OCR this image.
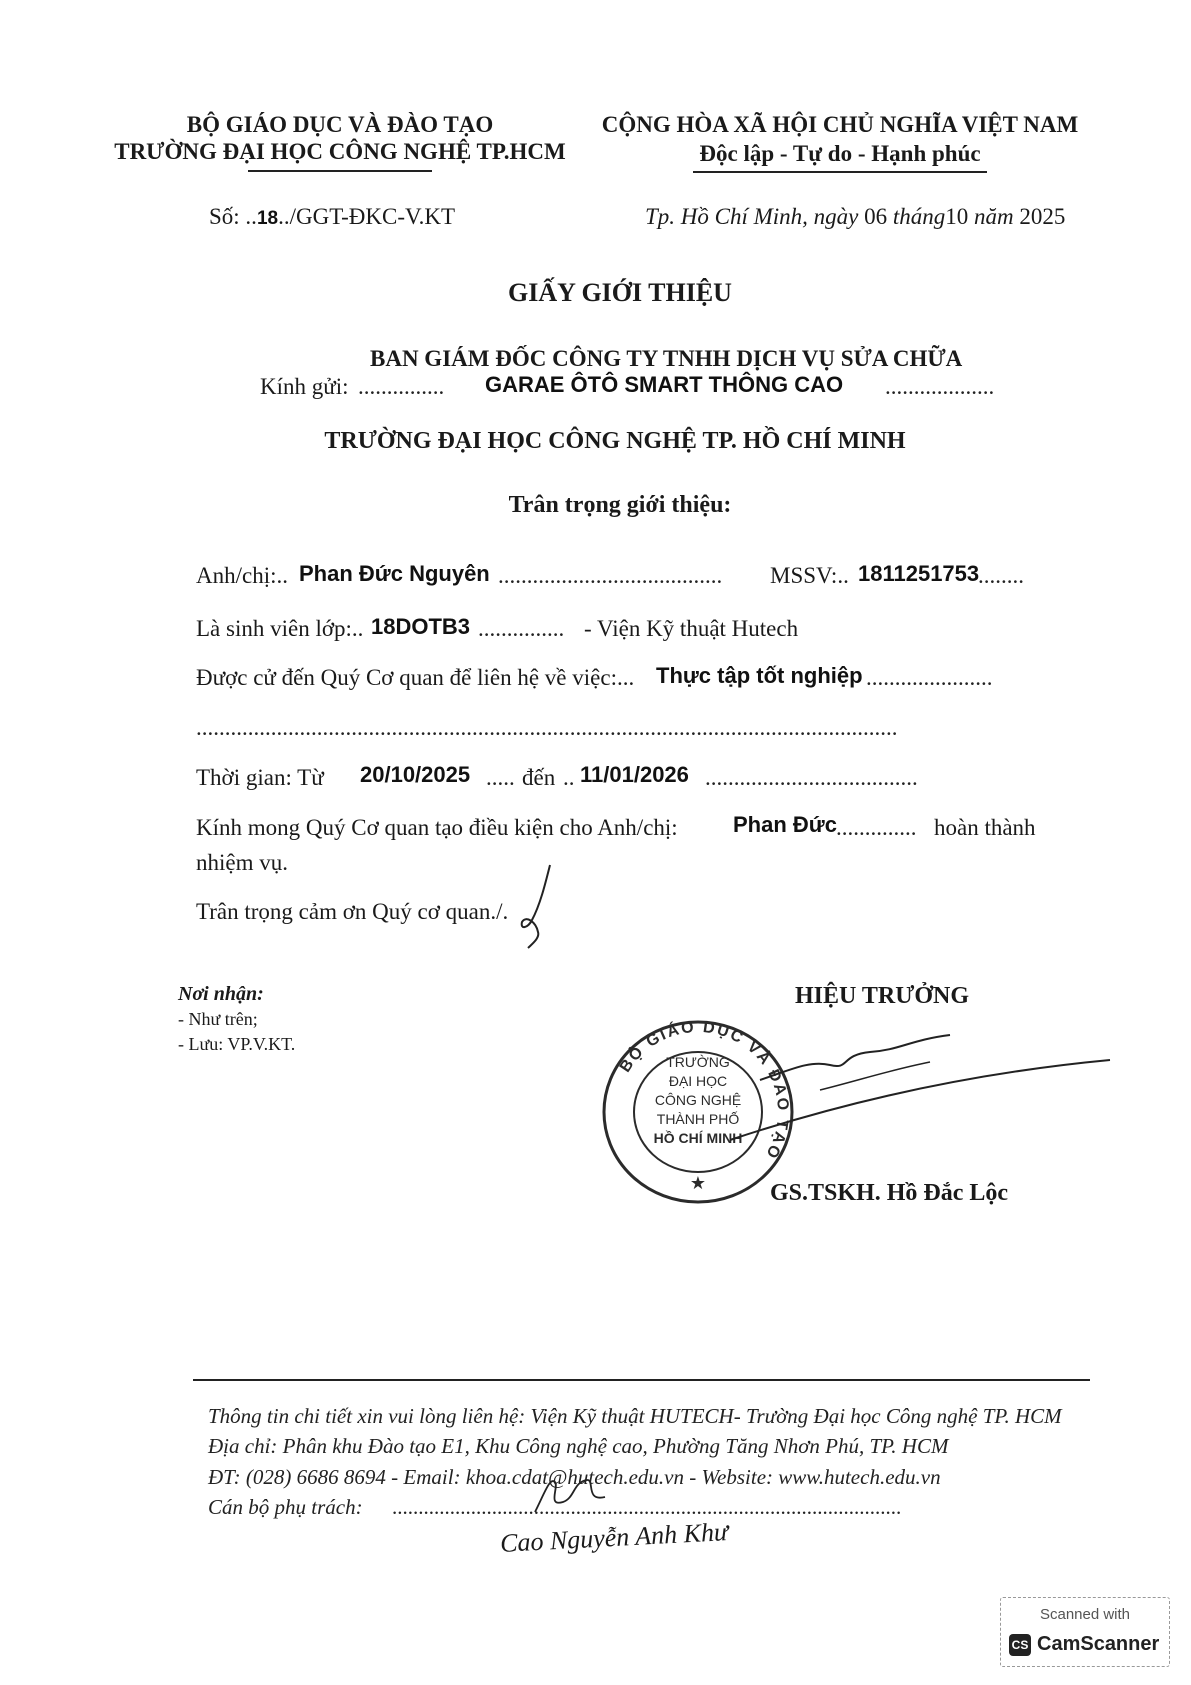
BỘ GIÁO DỤC VÀ ĐÀO TẠO
TRƯỜNG ĐẠI HỌC CÔNG NGHỆ TP.HCM
CỘNG HÒA XÃ HỘI CHỦ NGHĨA VIỆT NAM
Độc lập - Tự do - Hạnh phúc
Số: ..18../GGT-ĐKC-V.KT	Tp. Hồ Chí Minh, ngày 06 tháng10 năm 2025
GIẤY GIỚI THIỆU
BAN GIÁM ĐỐC CÔNG TY TNHH DỊCH VỤ SỬA CHỮA
Kính gửi: ............... GARAE ÔTÔ SMART THÔNG CAO ...................
TRƯỜNG ĐẠI HỌC CÔNG NGHỆ TP. HỒ CHÍ MINH
Trân trọng giới thiệu:
Anh/chị:.. Phan Đức Nguyên ....................................... MSSV:.. 1811251753
........
Là sinh viên lớp:.. 18DOTB3 ............... - Viện Kỹ thuật Hutech
Được cử đến Quý Cơ quan để liên hệ về việc:... Thực tập tốt nghiệp ......................
..........................................................................................................................
Thời gian: Từ 20/10/2025 ..... đến .. 11/01/2026 .....................................
Kính mong Quý Cơ quan tạo điều kiện cho Anh/chị:	Phan Đức .............. hoàn thành
nhiệm vụ.
Trân trọng cảm ơn Quý cơ quan./.
Nơi nhận:
- Như trên;
- Lưu: VP.V.KT.
HIỆU TRƯỞNG
BỘ GIÁO DỤC VÀ ĐÀO TẠO
TRƯỜNG
ĐẠI HỌC
CÔNG NGHỆ
THÀNH PHỐ
HỒ CHÍ MINH
★	GS.TSKH. Hồ Đắc Lộc
Thông tin chi tiết xin vui lòng liên hệ: Viện Kỹ thuật HUTECH- Trường Đại học Công nghệ TP. HCM
Địa chỉ: Phân khu Đào tạo E1, Khu Công nghệ cao, Phường Tăng Nhơn Phú, TP. HCM
ĐT: (028) 6686 8694 - Email: khoa.cdat@hutech.edu.vn - Website: www.hutech.edu.vn
Cán bộ phụ trách: .................................................................................................
Cao Nguyễn Anh Khư
Scanned with
CS CamScanner
